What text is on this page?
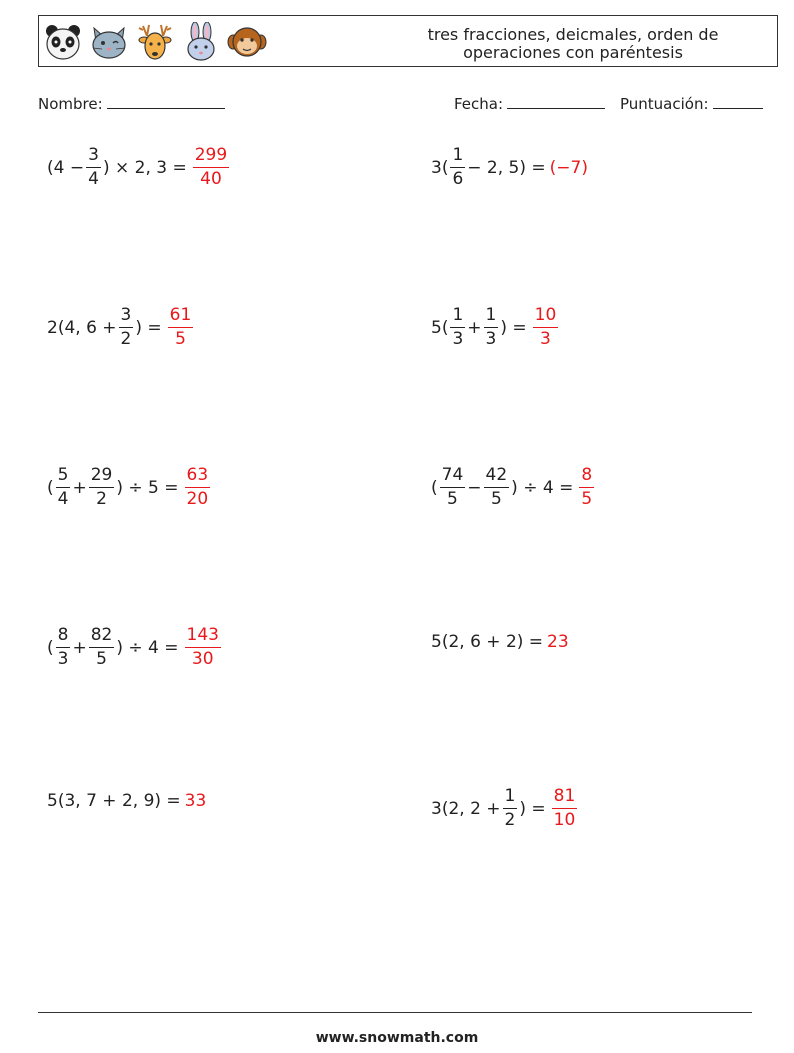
tres fracciones, deicmales, orden de
operaciones con paréntesis
Nombre:	Fecha:	Puntuación:
($4 - \frac{3}{4}$ ) × 2, $3 = \frac{299}{40}$	$3( \frac{1}{6} - 2$, 5) = (−7)
2(4, $6 + \frac{3}{2}$ ) = $\frac{61}{5}$	$5( \frac{1}{3} + \frac{1}{3}$ ) = $\frac{10}{3}$
( $\frac{5}{4} + \frac{29}{2}$ ) ÷ $5 = \frac{63}{20}$	( $\frac{74}{5} - \frac{42}{5}$ ) ÷ $4 = \frac{8}{5}$
( $\frac{8}{3} + \frac{82}{5}$ ) ÷ $4 = \frac{143}{30}$	5(2, 6 + 2) = 23
5(3, 7 + 2, 9) = 33	3(2, $2 + \frac{1}{2}$ ) = $\frac{81}{10}$
www.snowmath.com
